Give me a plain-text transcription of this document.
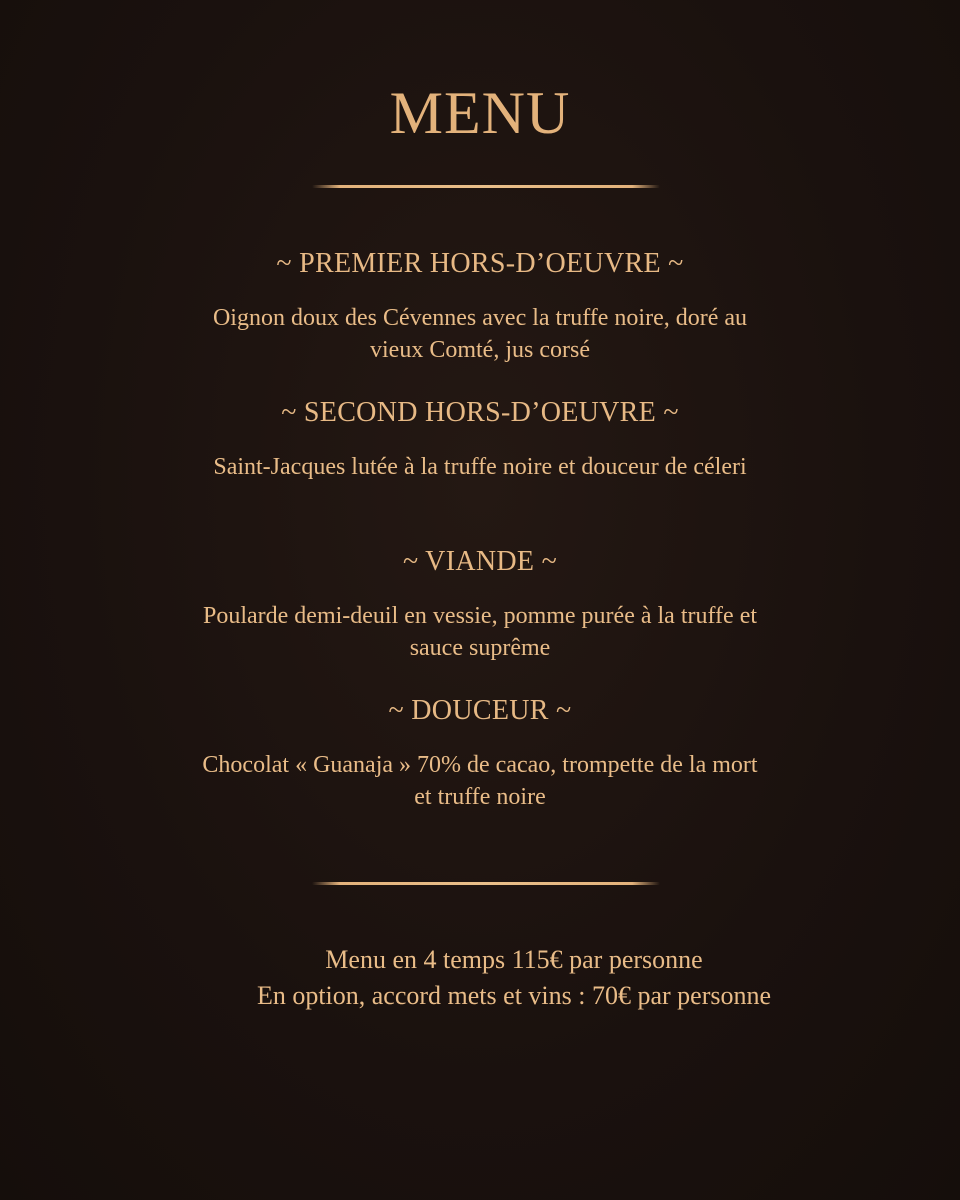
MENU
~ PREMIER HORS-D’OEUVRE ~
Oignon doux des Cévennes avec la truffe noire, doré au vieux Comté, jus corsé
~ SECOND HORS-D’OEUVRE ~
Saint-Jacques lutée à la truffe noire et douceur de céleri
~ VIANDE ~
Poularde demi-deuil en vessie, pomme purée à la truffe et sauce suprême
~ DOUCEUR ~
Chocolat « Guanaja » 70% de cacao, trompette de la mort et truffe noire
Menu en 4 temps 115€ par personne
En option, accord mets et vins : 70€ par personne
